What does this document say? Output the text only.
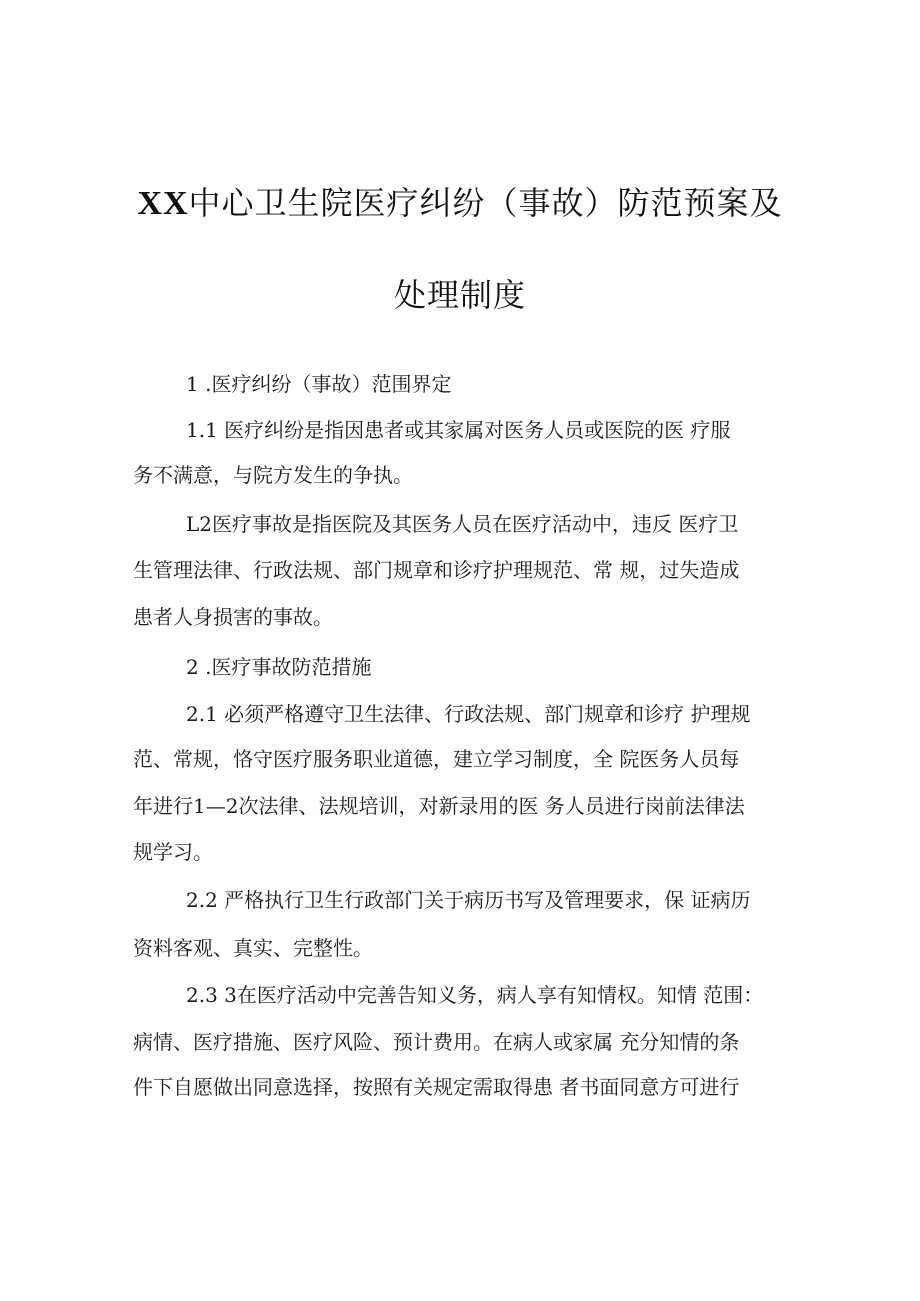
XX中心卫生院医疗纠纷（事故）防范预案及
处理制度
1 .医疗纠纷（事故）范围界定
1.1 医疗纠纷是指因患者或其家属对医务人员或医院的医 疗服
务不满意，与院方发生的争执。
L2医疗事故是指医院及其医务人员在医疗活动中，违反 医疗卫
生管理法律、行政法规、部门规章和诊疗护理规范、常 规，过失造成
患者人身损害的事故。
2 .医疗事故防范措施
2.1 必须严格遵守卫生法律、行政法规、部门规章和诊疗 护理规
范、常规，恪守医疗服务职业道德，建立学习制度，全 院医务人员每
年进行1—2次法律、法规培训，对新录用的医 务人员进行岗前法律法
规学习。
2.2 严格执行卫生行政部门关于病历书写及管理要求，保 证病历
资料客观、真实、完整性。
2.3 3在医疗活动中完善告知义务，病人享有知情权。知情 范围：
病情、医疗措施、医疗风险、预计费用。在病人或家属 充分知情的条
件下自愿做出同意选择，按照有关规定需取得患 者书面同意方可进行
